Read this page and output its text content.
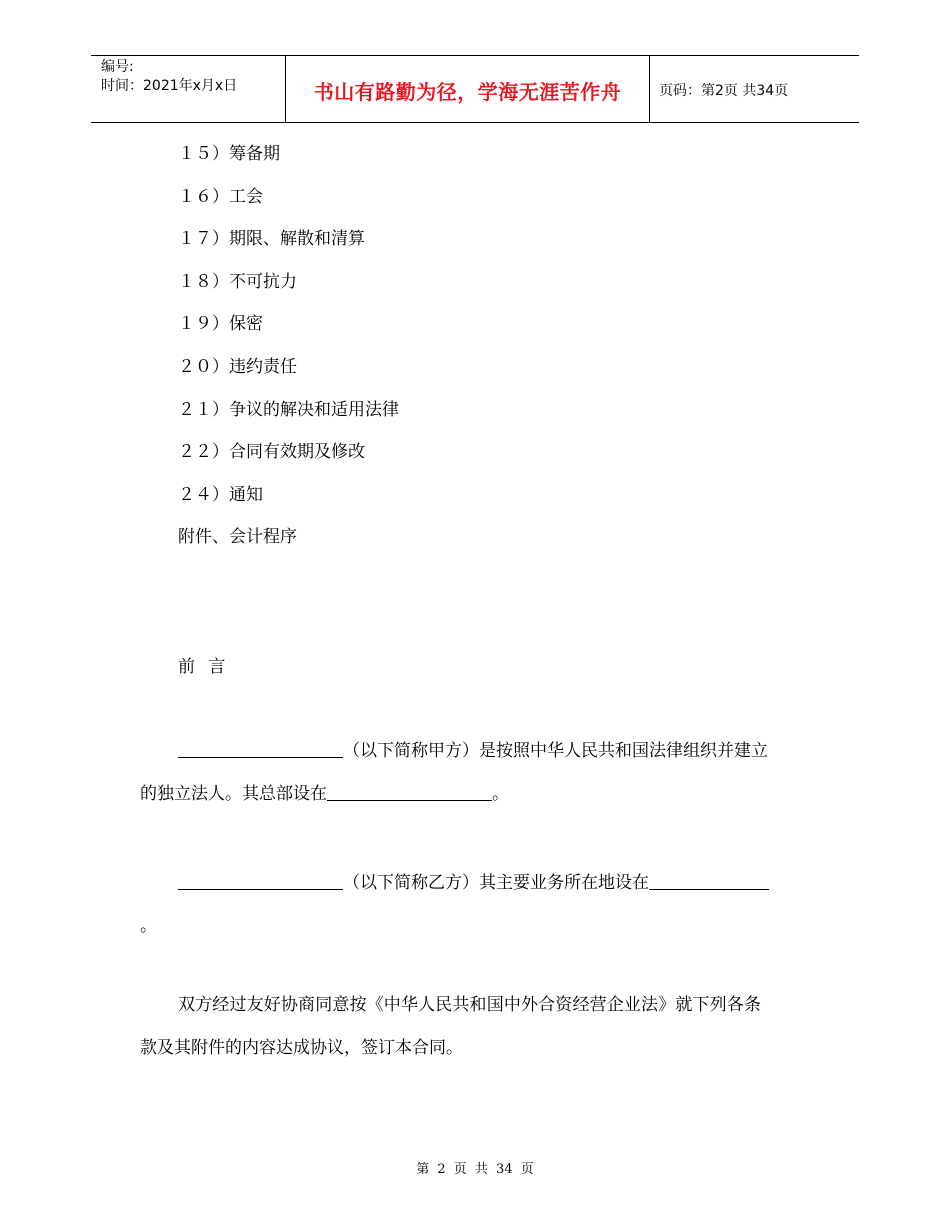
编号:
时间：2021年x月x日	书山有路勤为径，学海无涯苦作舟	页码：第2页 共34页
１５）筹备期
１６）工会
１７）期限、解散和清算
１８）不可抗力
１９）保密
２０）违约责任
２１）争议的解决和适用法律
２２）合同有效期及修改
２４）通知
附件、会计程序
前 言
（以下简称甲方）是按照中华人民共和国法律组织并建立
的独立法人。其总部设在	。
（以下简称乙方）其主要业务所在地设在
。
双方经过友好协商同意按《中华人民共和国中外合资经营企业法》就下列各条
款及其附件的内容达成协议，签订本合同。
第 2 页 共 34 页
